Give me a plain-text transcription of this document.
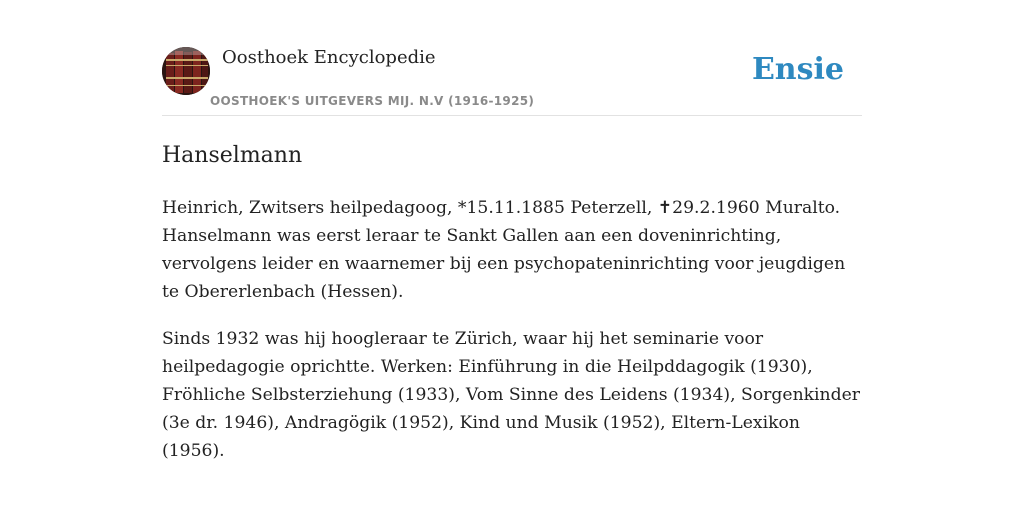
Oosthoek Encyclopedie
OOSTHOEK'S UITGEVERS MIJ. N.V (1916-1925)
Ensie
Hanselmann

Heinrich, Zwitsers heilpedagoog, *15.11.1885 Peterzell, ✝29.2.1960 Muralto. Hanselmann was eerst leraar te Sankt Gallen aan een doveninrichting, vervolgens leider en waarnemer bij een psychopateninrichting voor jeugdigen te Obererlenbach (Hessen).

Sinds 1932 was hij hoogleraar te Zürich, waar hij het seminarie voor heilpedagogie oprichtte. Werken: Einführung in die Heilpddagogik (1930), Fröhliche Selbsterziehung (1933), Vom Sinne des Leidens (1934), Sorgenkinder (3e dr. 1946), Andragögik (1952), Kind und Musik (1952), Eltern-Lexikon (1956).
